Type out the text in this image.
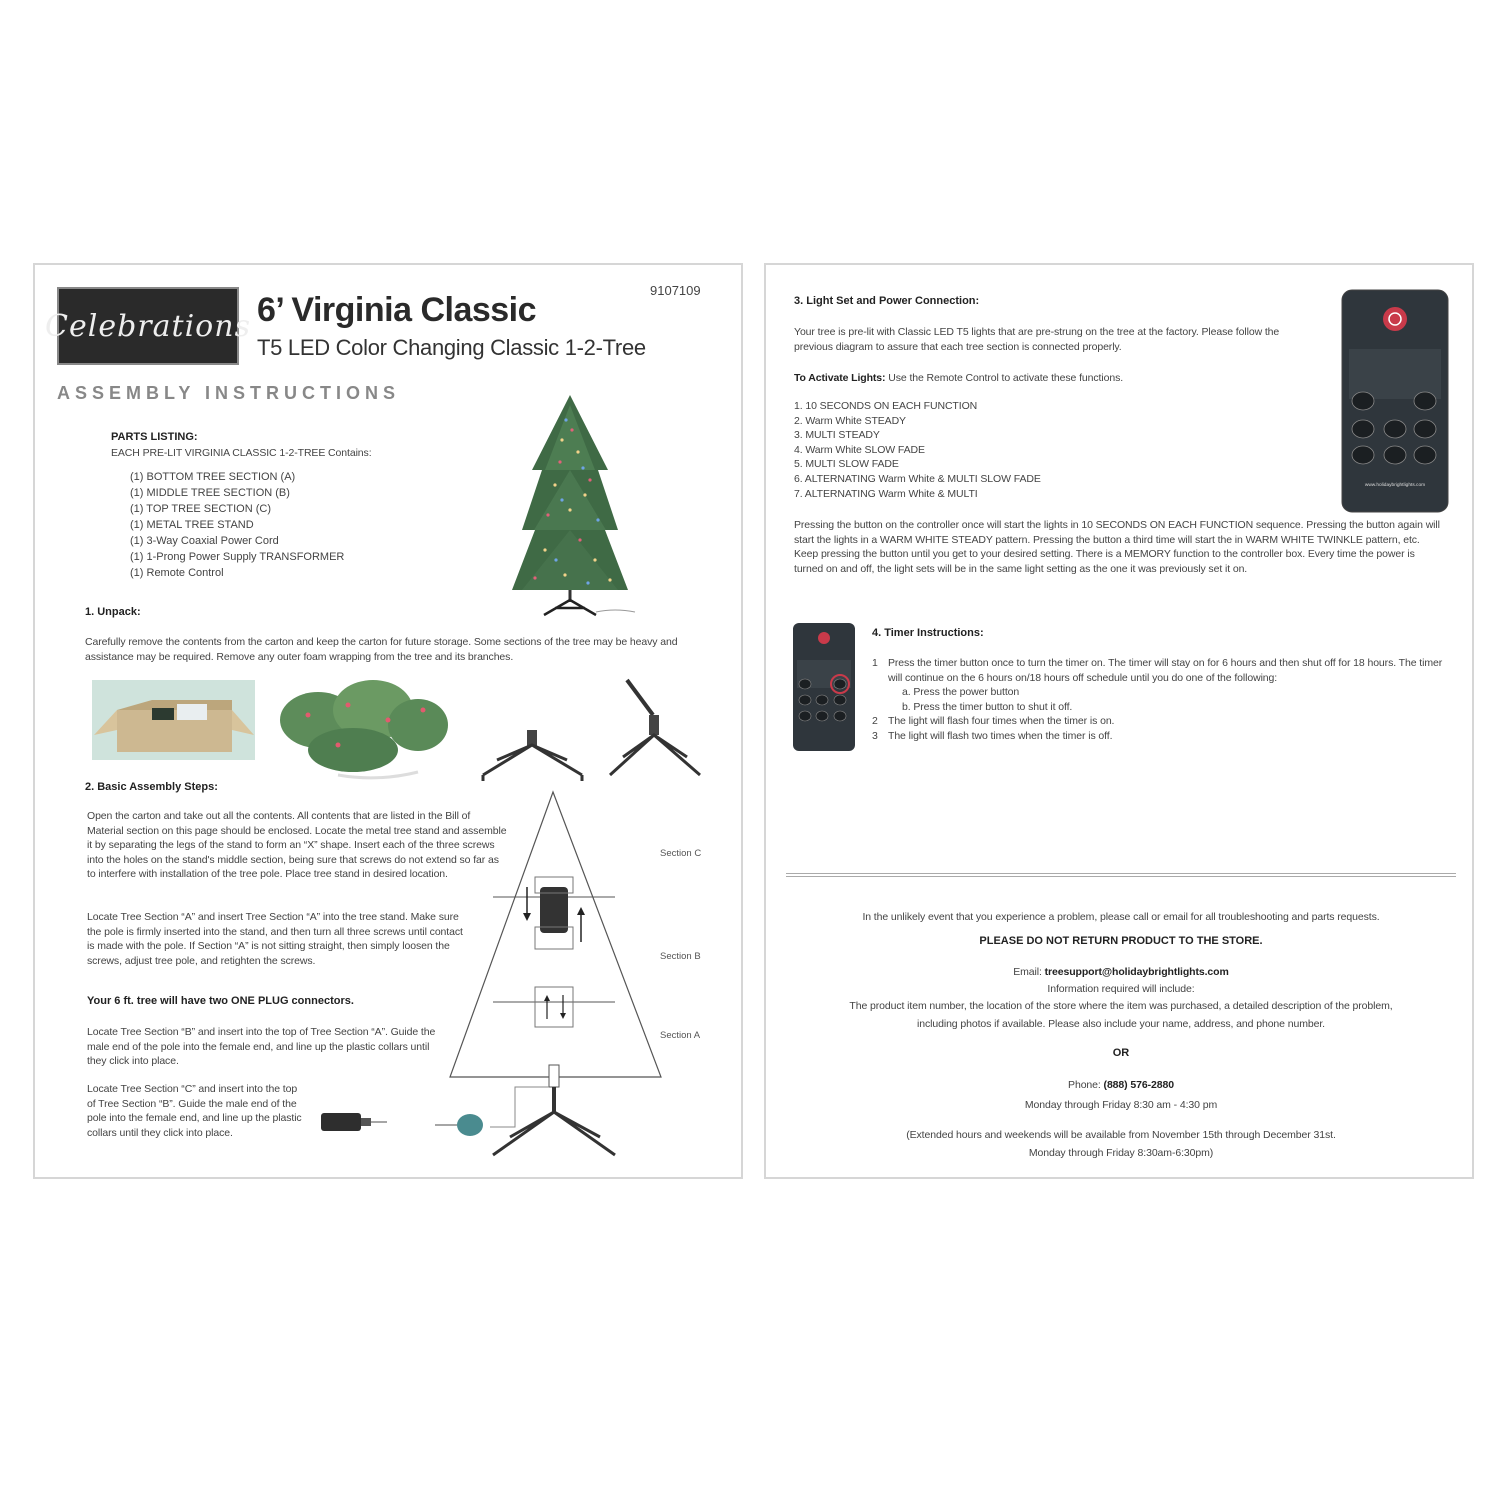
Celebrations
9107109
6’ Virginia Classic
T5 LED Color Changing Classic 1-2-Tree
ASSEMBLY INSTRUCTIONS
PARTS LISTING:
EACH PRE-LIT VIRGINIA CLASSIC 1-2-TREE Contains:
(1) BOTTOM TREE SECTION (A)
(1) MIDDLE TREE SECTION (B)
(1) TOP TREE SECTION (C)
(1) METAL TREE STAND
(1) 3-Way Coaxial Power Cord
(1) 1-Prong Power Supply TRANSFORMER
(1) Remote Control
1. Unpack:
Carefully remove the contents from the carton and keep the carton for future storage. Some sections of the tree may be heavy and assistance may be required. Remove any outer foam wrapping from the tree and its branches.
2. Basic Assembly Steps:
Open the carton and take out all the contents. All contents that are listed in the Bill of Material section on this page should be enclosed. Locate the metal tree stand and assemble it by separating the legs of the stand to form an “X” shape. Insert each of the three screws into the holes on the stand's middle section, being sure that screws do not extend so far as to interfere with installation of the tree pole. Place tree stand in desired location.
Locate Tree Section “A” and insert Tree Section “A” into the tree stand. Make sure the pole is firmly inserted into the stand, and then turn all three screws until contact is made with the pole. If Section “A” is not sitting straight, then simply loosen the screws, adjust tree pole, and retighten the screws.
Your 6 ft. tree will have two ONE PLUG connectors.
Locate Tree Section “B” and insert into the top of Tree Section “A”. Guide the male end of the pole into the female end, and line up the plastic collars until they click into place.
Locate Tree Section “C” and insert into the top of Tree Section “B”. Guide the male end of the pole into the female end, and line up the plastic collars until they click into place.
Section C
Section B
Section A
3. Light Set and Power Connection:
Your tree is pre-lit with Classic LED T5 lights that are pre-strung on the tree at the factory. Please follow the previous diagram to assure that each tree section is connected properly.
To Activate Lights: Use the Remote Control to activate these functions.
1. 10 SECONDS ON EACH FUNCTION
2. Warm White STEADY
3. MULTI STEADY
4. Warm White SLOW FADE
5. MULTI SLOW FADE
6. ALTERNATING Warm White & MULTI SLOW FADE
7. ALTERNATING Warm White & MULTI
Pressing the button on the controller once will start the lights in 10 SECONDS ON EACH FUNCTION sequence. Pressing the button again will start the lights in a WARM WHITE STEADY pattern. Pressing the button a third time will start the in WARM WHITE TWINKLE pattern, etc. Keep pressing the button until you get to your desired setting. There is a MEMORY function to the controller box. Every time the power is turned on and off, the light sets will be in the same light setting as the one it was previously set it on.
www.holidaybrightlights.com
4. Timer Instructions:
1 Press the timer button once to turn the timer on. The timer will stay on for 6 hours and then shut off for 18 hours. The timer will continue on the 6 hours on/18 hours off schedule until you do one of the following:
a. Press the power button
b. Press the timer button to shut it off.
2 The light will flash four times when the timer is on.
3 The light will flash two times when the timer is off.
In the unlikely event that you experience a problem, please call or email for all troubleshooting and parts requests.
PLEASE DO NOT RETURN PRODUCT TO THE STORE.
Email: treesupport@holidaybrightlights.com
Information required will include:
The product item number, the location of the store where the item was purchased, a detailed description of the problem,
including photos if available. Please also include your name, address, and phone number.
OR
Phone: (888) 576-2880
Monday through Friday 8:30 am - 4:30 pm
(Extended hours and weekends will be available from November 15th through December 31st.
Monday through Friday 8:30am-6:30pm)
